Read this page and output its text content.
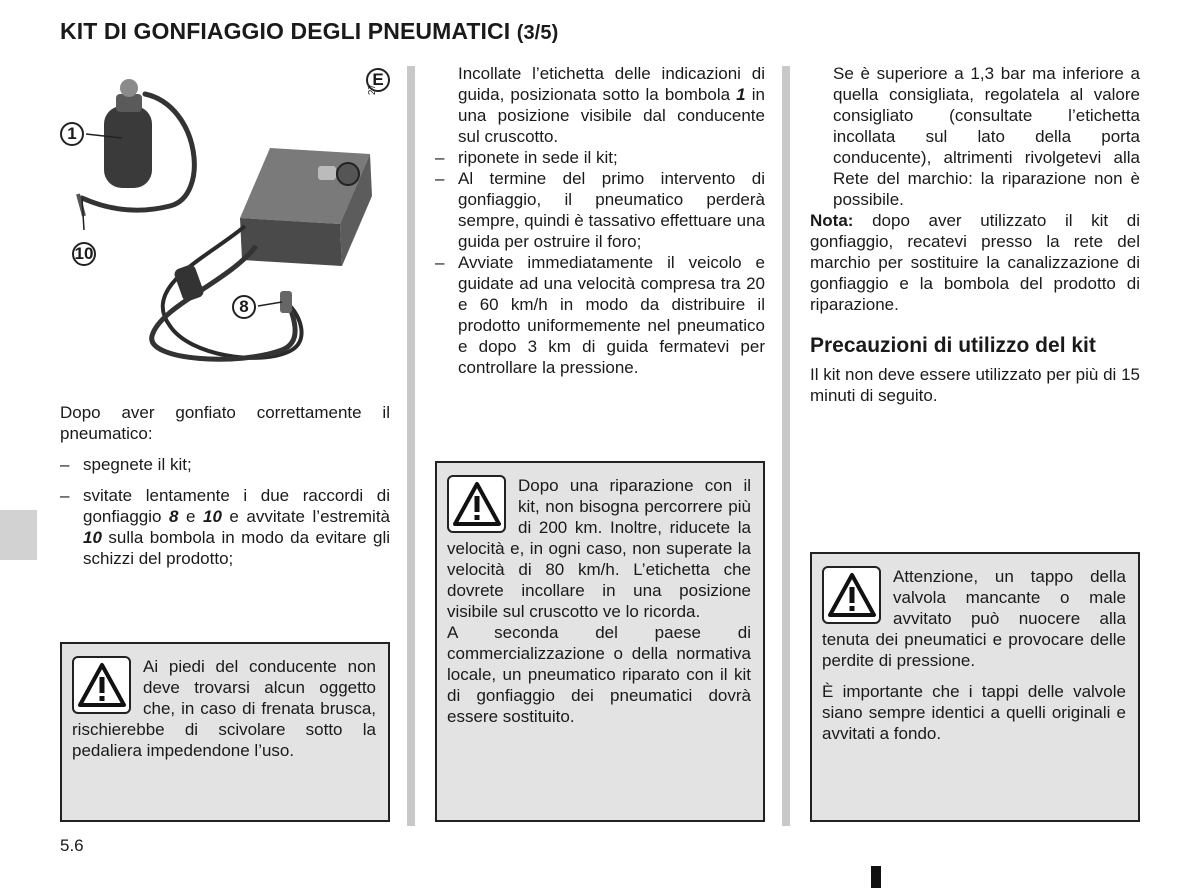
KIT DI GONFIAGGIO DEGLI PNEUMATICI (3/5)
1
10
8
E
27
Dopo aver gonfiato correttamente il pneumatico:
– spegnete il kit;
– svitate lentamente i due raccordi di gonfiaggio 8 e 10 e avvitate l’estremità 10 sulla bombola in modo da evitare gli schizzi del prodotto;
Ai piedi del conducente non deve trovarsi alcun oggetto che, in caso di frenata brusca, rischierebbe di scivolare sotto la pedaliera impedendone l’uso.
Incollate l’etichetta delle indicazioni di guida, posizionata sotto la bombola 1 in una posizione visibile dal conducente sul cruscotto.
– riponete in sede il kit;
– Al termine del primo intervento di gonfiaggio, il pneumatico perderà sempre, quindi è tassativo effettuare una guida per ostruire il foro;
– Avviate immediatamente il veicolo e guidate ad una velocità compresa tra 20 e 60 km/h in modo da distribuire il prodotto uniformemente nel pneumatico e dopo 3 km di guida fermatevi per controllare la pressione.
Dopo una riparazione con il kit, non bisogna percorrere più di 200 km. Inoltre, riducete la velocità e, in ogni caso, non superate la velocità di 80 km/h. L’etichetta che dovrete incollare in una posizione visibile sul cruscotto ve lo ricorda.
A seconda del paese di commercializzazione o della normativa locale, un pneumatico riparato con il kit di gonfiaggio dei pneumatici dovrà essere sostituito.
Se è superiore a 1,3 bar ma inferiore a quella consigliata, regolatela al valore consigliato (consultate l’etichetta incollata sul lato della porta conducente), altrimenti rivolgetevi alla Rete del marchio: la riparazione non è possibile.
Nota: dopo aver utilizzato il kit di gonfiaggio, recatevi presso la rete del marchio per sostituire la canalizzazione di gonfiaggio e la bombola del prodotto di riparazione.
Precauzioni di utilizzo del kit
Il kit non deve essere utilizzato per più di 15 minuti di seguito.
Attenzione, un tappo della valvola mancante o male avvitato può nuocere alla tenuta dei pneumatici e provocare delle perdite di pressione.
È importante che i tappi delle valvole siano sempre identici a quelli originali e avvitati a fondo.
5.6
